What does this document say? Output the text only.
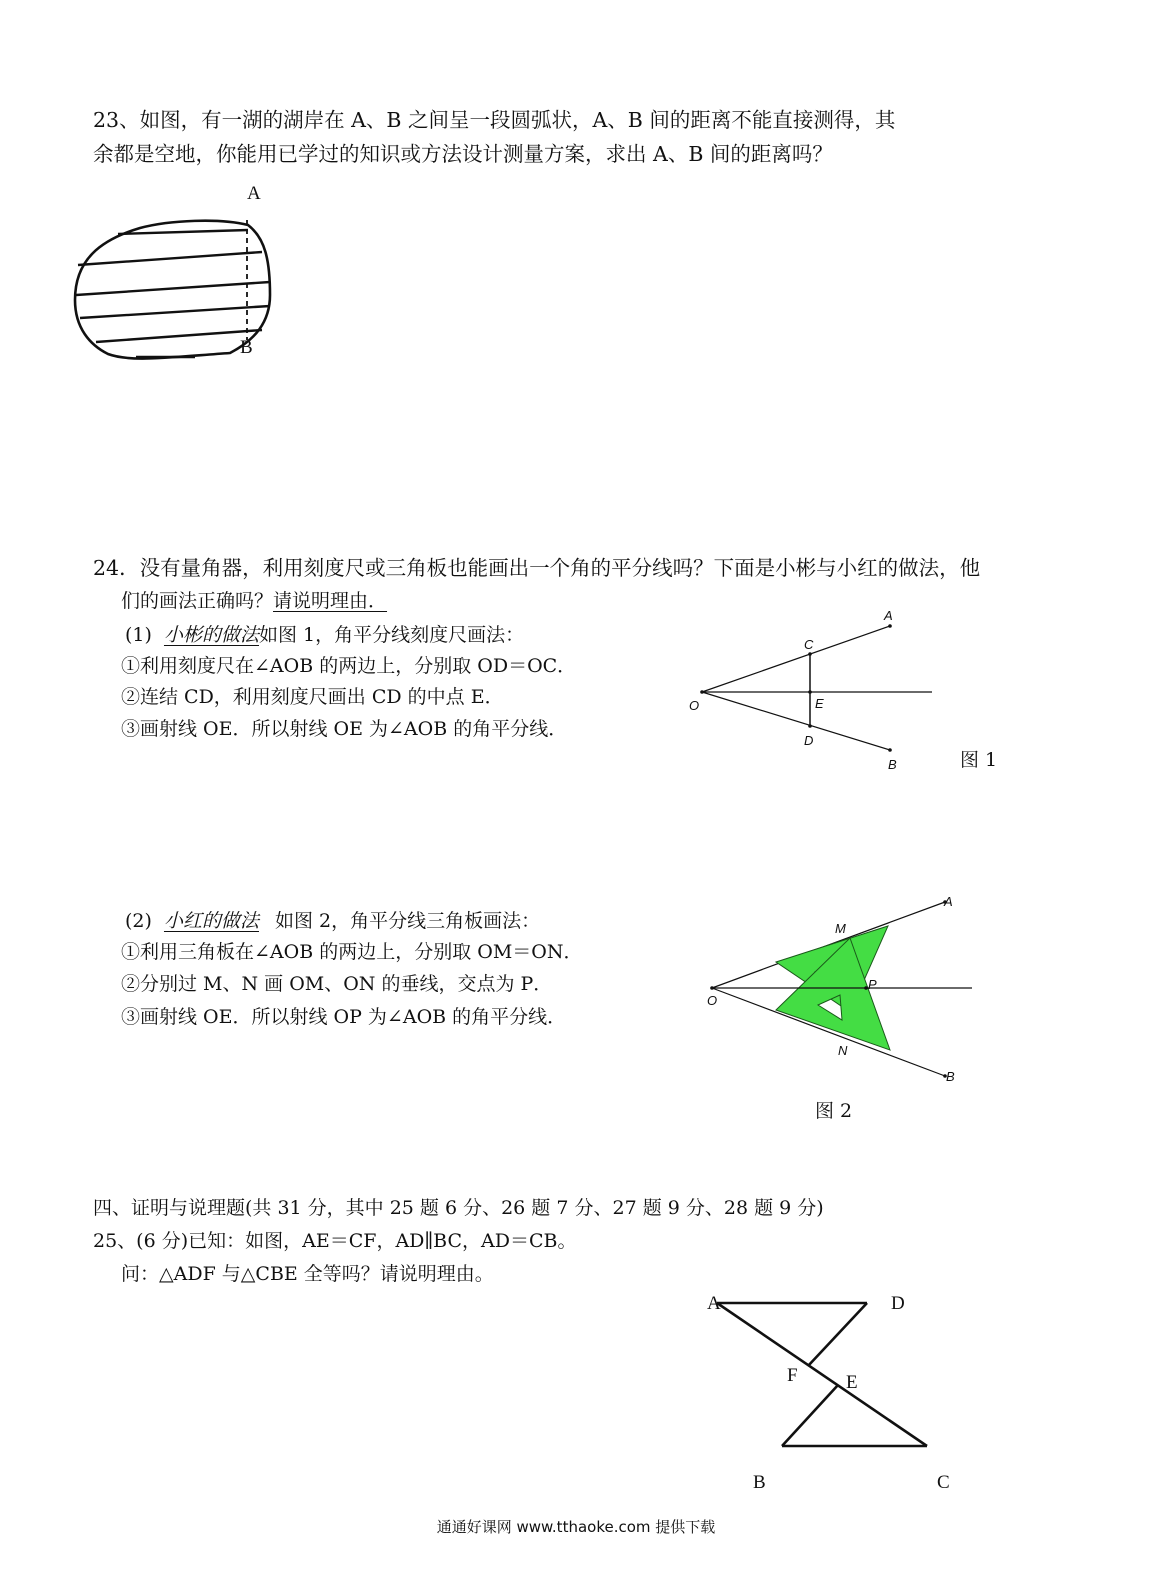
23、如图，有一湖的湖岸在 A、B 之间呈一段圆弧状，A、B 间的距离不能直接测得，其
余都是空地，你能用已学过的知识或方法设计测量方案，求出 A、B 间的距离吗？
A
B
24．没有量角器，利用刻度尺或三角板也能画出一个角的平分线吗？下面是小彬与小红的做法，他
们的画法正确吗？请说明理由．
(1) 小彬的做法如图 1，角平分线刻度尺画法：
①利用刻度尺在∠AOB 的两边上，分别取 OD＝OC．
②连结 CD，利用刻度尺画出 CD 的中点 E．
③画射线 OE．所以射线 OE 为∠AOB 的角平分线．
A
C
O	E
D
B	图 1
(2) 小红的做法 如图 2，角平分线三角板画法：
①利用三角板在∠AOB 的两边上，分别取 OM＝ON．
②分别过 M、N 画 OM、ON 的垂线，交点为 P．
③画射线 OE．所以射线 OP 为∠AOB 的角平分线．
A
M
P
O
N
B
图 2
四、证明与说理题(共 31 分，其中 25 题 6 分、26 题 7 分、27 题 9 分、28 题 9 分)
25、(6 分)已知：如图，AE＝CF，AD∥BC，AD＝CB。
问：△ADF 与△CBE 全等吗？请说明理由。
A	D
F	E
B	C
通通好课网 www.tthaoke.com 提供下载
